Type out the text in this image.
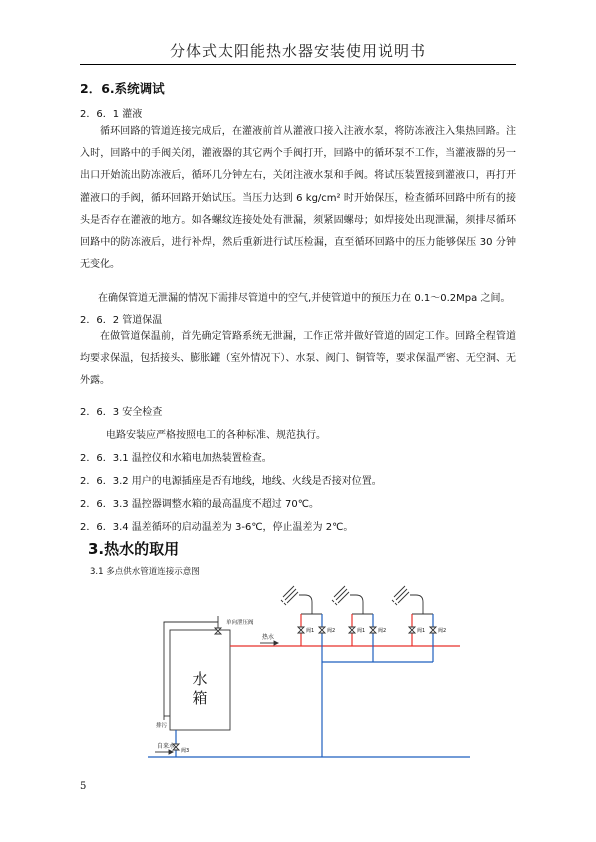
分体式太阳能热水器安装使用说明书
2．6.系统调试
2．6．1 灌液
循环回路的管道连接完成后，在灌液前首从灌液口接入注液水泵，将防冻液注入集热回路。注入时，回路中的手阀关闭，灌液器的其它两个手阀打开，回路中的循环泵不工作，当灌液器的另一出口开始流出防冻液后，循环几分钟左右，关闭注液水泵和手阀。将试压装置接到灌液口，再打开灌液口的手阀，循环回路开始试压。当压力达到 6 kg/cm² 时开始保压，检查循环回路中所有的接头是否存在灌液的地方。如各螺纹连接处处有泄漏，须紧固螺母；如焊接处出现泄漏，须排尽循环回路中的防冻液后，进行补焊，然后重新进行试压检漏，直至循环回路中的压力能够保压 30 分钟无变化。
在确保管道无泄漏的情况下需排尽管道中的空气,并使管道中的预压力在 0.1～0.2Mpa 之间。
2．6．2 管道保温
在做管道保温前，首先确定管路系统无泄漏，工作正常并做好管道的固定工作。回路全程管道均要求保温，包括接头、膨胀罐（室外情况下）、水泵、阀门、铜管等，要求保温严密、无空洞、无外露。
2．6．3 安全检查
电路安装应严格按照电工的各种标准、规范执行。
2．6．3.1 温控仪和水箱电加热装置检查。
2．6．3.2 用户的电源插座是否有地线，地线、火线是否接对位置。
2．6．3.3 温控器调整水箱的最高温度不超过 70℃。
2．6．3.4 温差循环的启动温差为 3-6℃，停止温差为 2℃。
3.热水的取用
3.1 多点供水管道连接示意图
水
箱
单向泄压阀
热水
自来水
排污
阀1	阀2	阀1	阀2	阀1	阀2
阀3
5
